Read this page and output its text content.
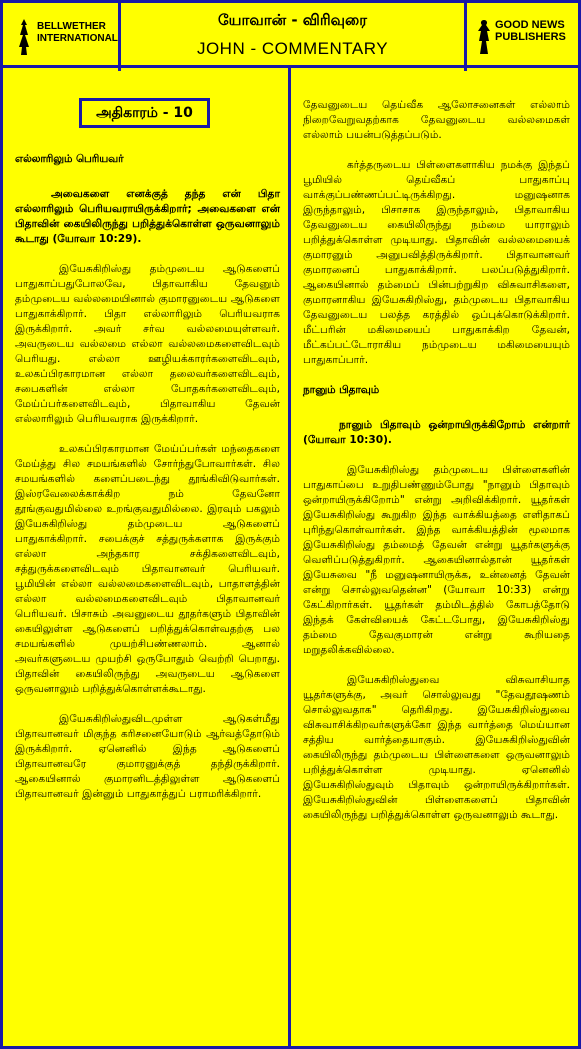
BELLWETHER INTERNATIONAL
யோவான் - விரிவுரை
JOHN - COMMENTARY
GOOD NEWS PUBLISHERS
அதிகாரம் - 10

எல்லாரிலும் பெரியவர்

அவைகளை எனக்குத் தந்த என் பிதா எல்லாரிலும் பெரியவராயிருக்கிறார்; அவைகளை என் பிதாவின் கையிலிருந்து பறித்துக்கொள்ள ஒருவனாலும் கூடாது (யோவா 10:29).

இயேசுகிறிஸ்து தம்முடைய ஆடுகளைப் பாதுகாப்பதுபோலவே, பிதாவாகிய தேவனும் தம்முடைய வல்லமையினால் குமாரனுடைய ஆடுகளை பாதுகாக்கிறார். பிதா எல்லாரிலும் பெரியவராக இருக்கிறார். அவர் சர்வ வல்லமையுள்ளவர். அவருடைய வல்லமை எல்லா வல்லமைகளைவிடவும் பெரியது. எல்லா ஊழியக்காரர்களைவிடவும், உலகப்பிரகாரமான எல்லா தலைவர்களைவிடவும், சபைகளின் எல்லா போதகர்களைவிடவும், மேய்ப்பர்களைவிடவும், பிதாவாகிய தேவன் எல்லாரிலும் பெரியவராக இருக்கிறார்.

உலகப்பிரகாரமான மேய்ப்பர்கள் மந்தைகளை மேய்த்து சில சமயங்களில் சோர்ந்துபோவார்கள். சில சமயங்களில் களைப்படைந்து தூங்கிவிடுவார்கள். இஸ்ரவேலைக்காக்கிற நம் தேவனோ தூங்குவதுமில்லை உறங்குவதுமில்லை. இரவும் பகலும் இயேசுகிறிஸ்து தம்முடைய ஆடுகளைப் பாதுகாக்கிறார். சபைக்குச் சத்துருக்களாக இருக்கும் எல்லா அந்தகார சக்திகளைவிடவும், சத்துருக்களைவிடவும் பிதாவானவர் பெரியவர். பூமியின் எல்லா வல்லமைகளைவிடவும், பாதாளத்தின் எல்லா வல்லமைகளைவிடவும் பிதாவானவர் பெரியவர். பிசாசும் அவனுடைய தூதர்களும் பிதாவின் கையிலுள்ள ஆடுகளைப் பறித்துக்கொள்வதற்கு பல சமயங்களில் முயற்சிபண்ணலாம். ஆனால் அவர்களுடைய முயற்சி ஒருபோதும் வெற்றி பெறாது. பிதாவின் கையிலிருந்து அவருடைய ஆடுகளை ஒருவனாலும் பறித்துக்கொள்ளக்கூடாது.

இயேசுகிறிஸ்துவிடமுள்ள ஆடுகள்மீது பிதாவானவர் மிகுந்த கரிசனையோடும் ஆர்வத்தோடும் இருக்கிறார். ஏனெனில் இந்த ஆடுகளைப் பிதாவானவரே குமாரனுக்குத் தந்திருக்கிறார். ஆகையினால் குமாரனிடத்திலுள்ள ஆடுகளைப் பிதாவானவர் இன்னும் பாதுகாத்துப் பராமரிக்கிறார்.

தேவனுடைய தெய்வீக ஆலோசனைகள் எல்லாம் நிறைவேறுவதற்காக தேவனுடைய வல்லமைகள் எல்லாம் பயன்படுத்தப்படும்.

கர்த்தருடைய பிள்ளைகளாகிய நமக்கு இந்தப் பூமியில் தெய்வீகப் பாதுகாப்பு வாக்குப்பண்ணப்பட்டிருக்கிறது. மனுஷனாக இருந்தாலும், பிசாசாக இருந்தாலும், பிதாவாகிய தேவனுடைய கையிலிருந்து நம்மை யாராலும் பறித்துக்கொள்ள முடியாது. பிதாவின் வல்லமையைக் குமாரனும் அனுபவித்திருக்கிறார். பிதாவானவர் குமாரனைப் பாதுகாக்கிறார். பலப்படுத்துகிறார். ஆகையினால் தம்மைப் பின்பற்றுகிற விசுவாசிகளை, குமாரனாகிய இயேசுகிறிஸ்து, தம்முடைய பிதாவாகிய தேவனுடைய பலத்த கரத்தில் ஒப்புக்கொடுக்கிறார். மீட்பரின் மகிமையைப் பாதுகாக்கிற தேவன், மீட்கப்பட்டோராகிய நம்முடைய மகிமையையும் பாதுகாப்பார்.

நானும் பிதாவும்

நானும் பிதாவும் ஒன்றாயிருக்கிறோம் என்றார் (யோவா 10:30).

இயேசுகிறிஸ்து தம்முடைய பிள்ளைகளின் பாதுகாப்பை உறுதிபண்ணும்போது "நானும் பிதாவும் ஒன்றாயிருக்கிறோம்" என்று அறிவிக்கிறார். யூதர்கள் இயேசுகிறிஸ்து கூறுகிற இந்த வாக்கியத்தை எளிதாகப் புரிந்துகொள்வார்கள். இந்த வாக்கியத்தின் மூலமாக இயேசுகிறிஸ்து தம்மைத் தேவன் என்று யூதர்களுக்கு வெளிப்படுத்துகிறார். ஆகையினால்தான் யூதர்கள் இயேசுவை "நீ மனுஷனாயிருக்க, உன்னைத் தேவன் என்று சொல்லுவதென்ன" (யோவா 10:33) என்று கேட்கிறார்கள். யூதர்கள் தம்மிடத்தில் கோபத்தோடு இந்தக் கேள்வியைக் கேட்டபோது, இயேசுகிறிஸ்து தம்மை தேவகுமாரன் என்று கூறியதை மறுதலிக்கவில்லை.

இயேசுகிறிஸ்துவை விசுவாசியாத யூதர்களுக்கு, அவர் சொல்லுவது "தேவதூஷணம் சொல்லுவதாக" தெரிகிறது. இயேசுகிறிஸ்துவை விசுவாசிக்கிறவர்களுக்கோ இந்த வார்த்தை மெய்யான சத்திய வார்த்தையாகும். இயேசுகிறிஸ்துவின் கையிலிருந்து தம்முடைய பிள்ளைகளை ஒருவனாலும் பறித்துக்கொள்ள முடியாது. ஏனெனில் இயேசுகிறிஸ்துவும் பிதாவும் ஒன்றாயிருக்கிறார்கள். இயேசுகிறிஸ்துவின் பிள்ளைகளைப் பிதாவின் கையிலிருந்து பறித்துக்கொள்ள ஒருவனாலும் கூடாது.
